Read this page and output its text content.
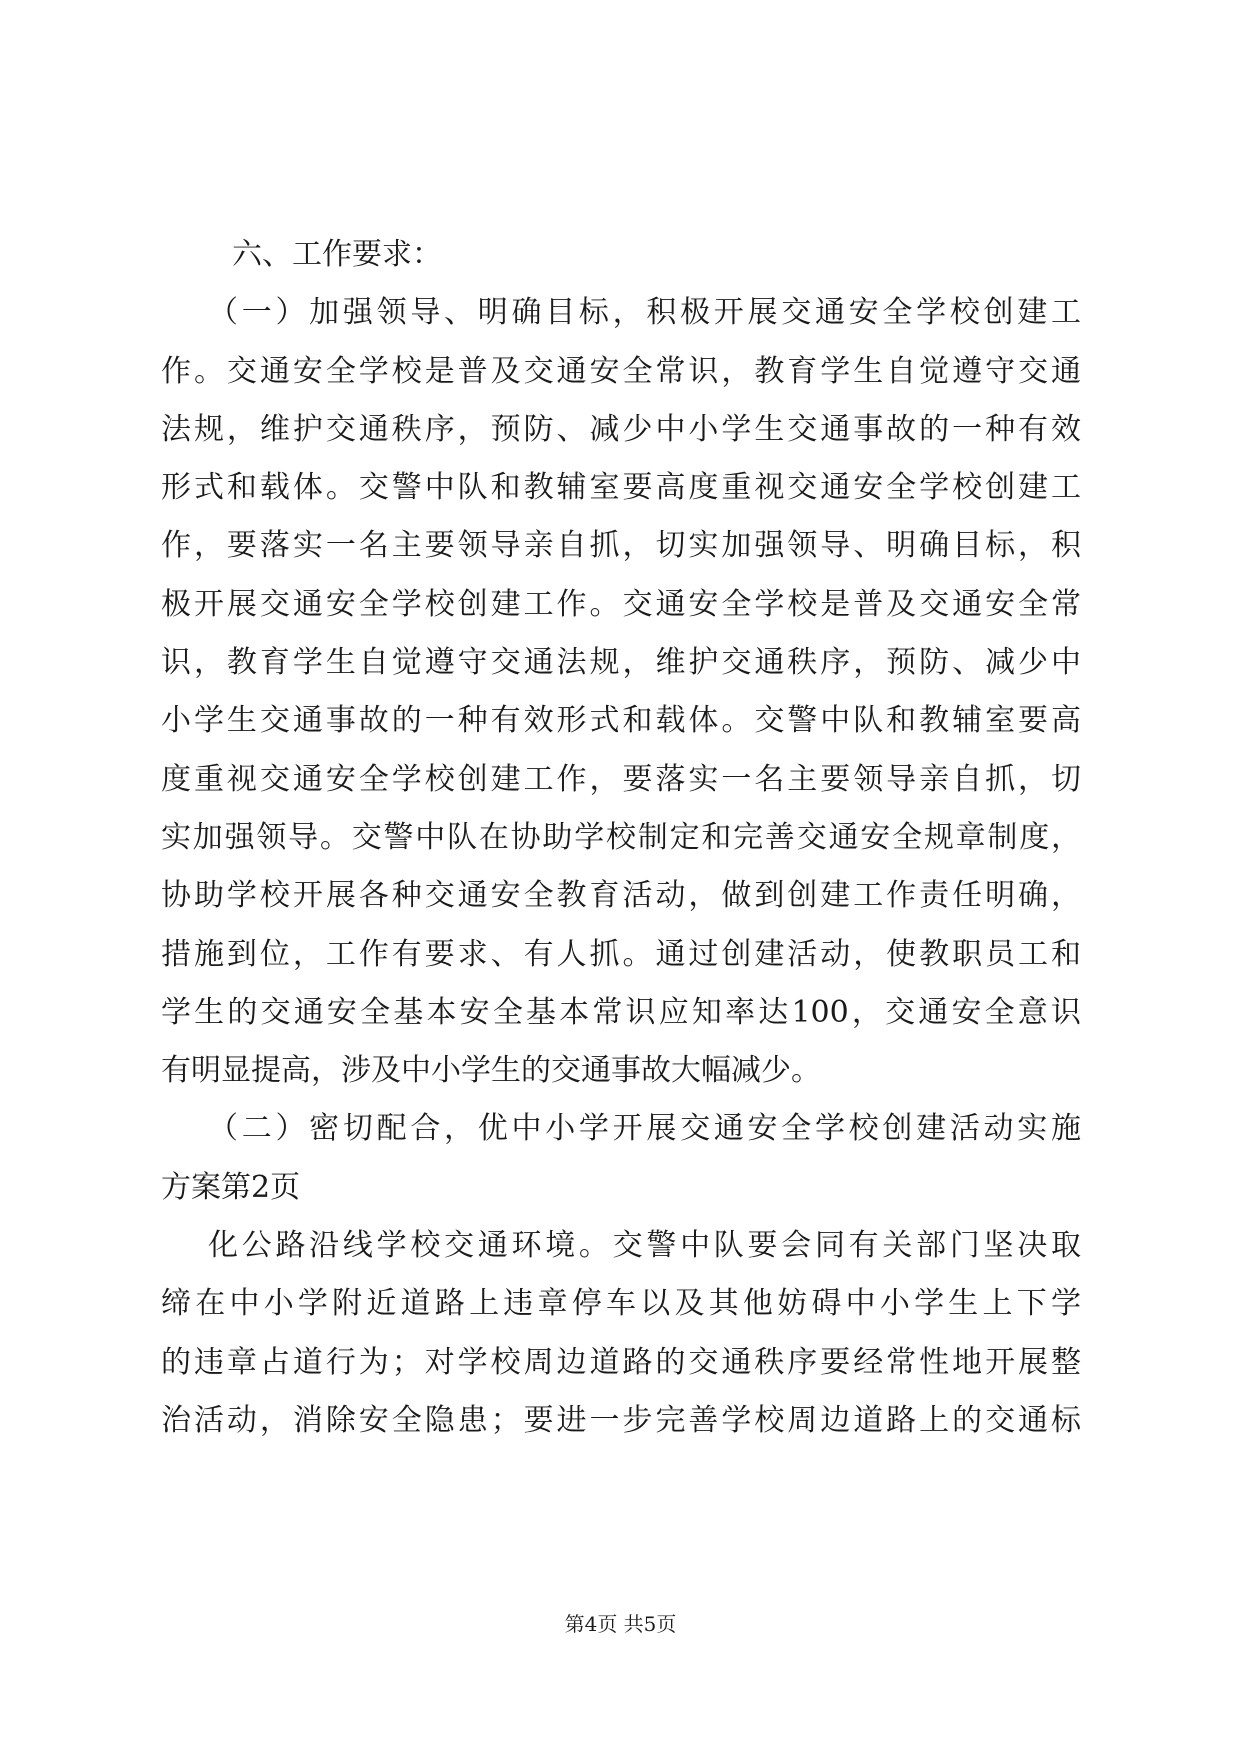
六、工作要求：
（一）加强领导、明确目标，积极开展交通安全学校创建工
作。交通安全学校是普及交通安全常识，教育学生自觉遵守交通
法规，维护交通秩序，预防、减少中小学生交通事故的一种有效
形式和载体。交警中队和教辅室要高度重视交通安全学校创建工
作，要落实一名主要领导亲自抓，切实加强领导、明确目标，积
极开展交通安全学校创建工作。交通安全学校是普及交通安全常
识，教育学生自觉遵守交通法规，维护交通秩序，预防、减少中
小学生交通事故的一种有效形式和载体。交警中队和教辅室要高
度重视交通安全学校创建工作，要落实一名主要领导亲自抓，切
实加强领导。交警中队在协助学校制定和完善交通安全规章制度，
协助学校开展各种交通安全教育活动，做到创建工作责任明确，
措施到位，工作有要求、有人抓。通过创建活动，使教职员工和
学生的交通安全基本安全基本常识应知率达100，交通安全意识
有明显提高，涉及中小学生的交通事故大幅减少。
（二）密切配合，优中小学开展交通安全学校创建活动实施
方案第2页
化公路沿线学校交通环境。交警中队要会同有关部门坚决取
缔在中小学附近道路上违章停车以及其他妨碍中小学生上下学
的违章占道行为；对学校周边道路的交通秩序要经常性地开展整
治活动，消除安全隐患；要进一步完善学校周边道路上的交通标
第4页 共5页
